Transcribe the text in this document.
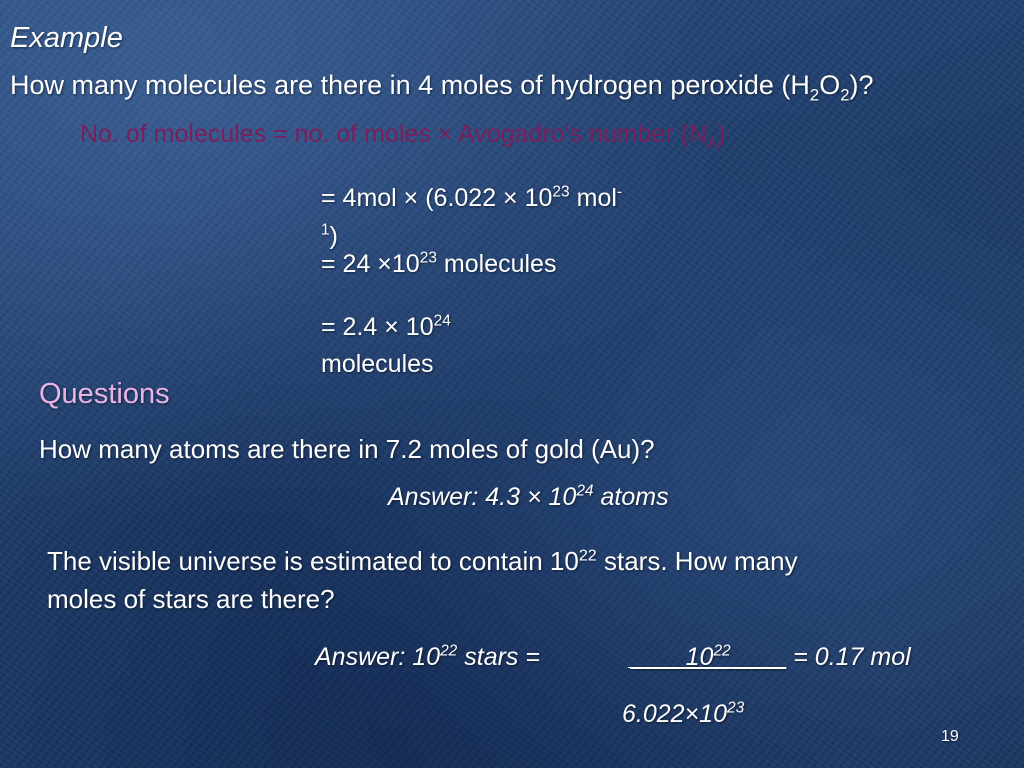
Example
How many molecules are there in 4 moles of hydrogen peroxide $(H_2O_2)$?
No. of molecules = no. of moles × Avogadro's number $(N_A)$
= $4mol \times (6.022 \times 10^{23}$ mol-
$^1$)
= $24 \times 10^{23}$ molecules
= $2.4 \times 10^{24}$
molecules
Questions
How many atoms are there in 7.2 moles of gold (Au)?
Answer: $4.3 \times 10^{24}$ atoms
The visible universe is estimated to contain $10^{22}$ stars. How many
moles of stars are there?
Answer: $10^{22}$ stars =	$\_\_\_\_10^{22}\_\_\_\_ = 0.17$ mol
$6.022\times 10^{23}$
19
